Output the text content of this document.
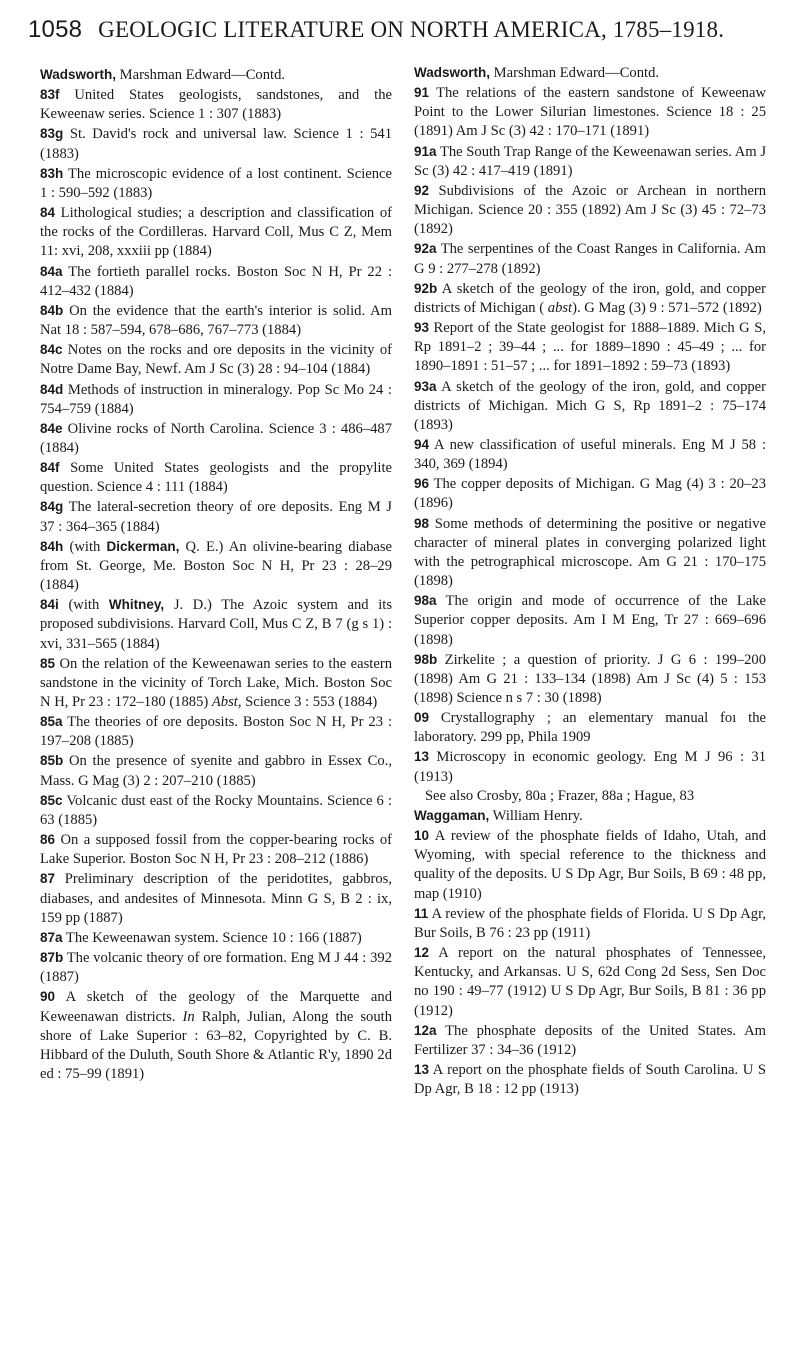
1058 GEOLOGIC LITERATURE ON NORTH AMERICA, 1785–1918.

Wadsworth, Marshman Edward—Contd.

83f United States geologists, sandstones, and the Keweenaw series. Science 1 : 307 (1883)

83g St. David's rock and universal law. Science 1 : 541 (1883)

83h The microscopic evidence of a lost continent. Science 1 : 590–592 (1883)

84 Lithological studies; a description and classification of the rocks of the Cordilleras. Harvard Coll, Mus C Z, Mem 11: xvi, 208, xxxiii pp (1884)

84a The fortieth parallel rocks. Boston Soc N H, Pr 22 : 412–432 (1884)

84b On the evidence that the earth's interior is solid. Am Nat 18 : 587–594, 678–686, 767–773 (1884)

84c Notes on the rocks and ore deposits in the vicinity of Notre Dame Bay, Newf. Am J Sc (3) 28 : 94–104 (1884)

84d Methods of instruction in mineralogy. Pop Sc Mo 24 : 754–759 (1884)

84e Olivine rocks of North Carolina. Science 3 : 486–487 (1884)

84f Some United States geologists and the propylite question. Science 4 : 111 (1884)

84g The lateral-secretion theory of ore deposits. Eng M J 37 : 364–365 (1884)

84h (with Dickerman, Q. E.) An olivine-bearing diabase from St. George, Me. Boston Soc N H, Pr 23 : 28–29 (1884)

84i (with Whitney, J. D.) The Azoic system and its proposed subdivisions. Harvard Coll, Mus C Z, B 7 (g s 1) : xvi, 331–565 (1884)

85 On the relation of the Keweenawan series to the eastern sandstone in the vicinity of Torch Lake, Mich. Boston Soc N H, Pr 23 : 172–180 (1885) Abst, Science 3 : 553 (1884)

85a The theories of ore deposits. Boston Soc N H, Pr 23 : 197–208 (1885)

85b On the presence of syenite and gabbro in Essex Co., Mass. G Mag (3) 2 : 207–210 (1885)

85c Volcanic dust east of the Rocky Mountains. Science 6 : 63 (1885)

86 On a supposed fossil from the copper-bearing rocks of Lake Superior. Boston Soc N H, Pr 23 : 208–212 (1886)

87 Preliminary description of the peridotites, gabbros, diabases, and andesites of Minnesota. Minn G S, B 2 : ix, 159 pp (1887)

87a The Keweenawan system. Science 10 : 166 (1887)

87b The volcanic theory of ore formation. Eng M J 44 : 392 (1887)

90 A sketch of the geology of the Marquette and Keweenawan districts. In Ralph, Julian, Along the south shore of Lake Superior : 63–82, Copyrighted by C. B. Hibbard of the Duluth, South Shore & Atlantic R'y, 1890 2d ed : 75–99 (1891)

Wadsworth, Marshman Edward—Contd.

91 The relations of the eastern sandstone of Keweenaw Point to the Lower Silurian limestones. Science 18 : 25 (1891) Am J Sc (3) 42 : 170–171 (1891)

91a The South Trap Range of the Keweenawan series. Am J Sc (3) 42 : 417–419 (1891)

92 Subdivisions of the Azoic or Archean in northern Michigan. Science 20 : 355 (1892) Am J Sc (3) 45 : 72–73 (1892)

92a The serpentines of the Coast Ranges in California. Am G 9 : 277–278 (1892)

92b A sketch of the geology of the iron, gold, and copper districts of Michigan ( abst). G Mag (3) 9 : 571–572 (1892)

93 Report of the State geologist for 1888–1889. Mich G S, Rp 1891–2 ; 39–44 ; ... for 1889–1890 : 45–49 ; ... for 1890–1891 : 51–57 ; ... for 1891–1892 : 59–73 (1893)

93a A sketch of the geology of the iron, gold, and copper districts of Michigan. Mich G S, Rp 1891–2 : 75–174 (1893)

94 A new classification of useful minerals. Eng M J 58 : 340, 369 (1894)

96 The copper deposits of Michigan. G Mag (4) 3 : 20–23 (1896)

98 Some methods of determining the positive or negative character of mineral plates in converging polarized light with the petrographical microscope. Am G 21 : 170–175 (1898)

98a The origin and mode of occurrence of the Lake Superior copper deposits. Am I M Eng, Tr 27 : 669–696 (1898)

98b Zirkelite ; a question of priority. J G 6 : 199–200 (1898) Am G 21 : 133–134 (1898) Am J Sc (4) 5 : 153 (1898) Science n s 7 : 30 (1898)

09 Crystallography ; an elementary manual foı the laboratory. 299 pp, Phila 1909

13 Microscopy in economic geology. Eng M J 96 : 31 (1913)

See also Crosby, 80a ; Frazer, 88a ; Hague, 83

Waggaman, William Henry.

10 A review of the phosphate fields of Idaho, Utah, and Wyoming, with special reference to the thickness and quality of the deposits. U S Dp Agr, Bur Soils, B 69 : 48 pp, map (1910)

11 A review of the phosphate fields of Florida. U S Dp Agr, Bur Soils, B 76 : 23 pp (1911)

12 A report on the natural phosphates of Tennessee, Kentucky, and Arkansas. U S, 62d Cong 2d Sess, Sen Doc no 190 : 49–77 (1912) U S Dp Agr, Bur Soils, B 81 : 36 pp (1912)

12a The phosphate deposits of the United States. Am Fertilizer 37 : 34–36 (1912)

13 A report on the phosphate fields of South Carolina. U S Dp Agr, B 18 : 12 pp (1913)
